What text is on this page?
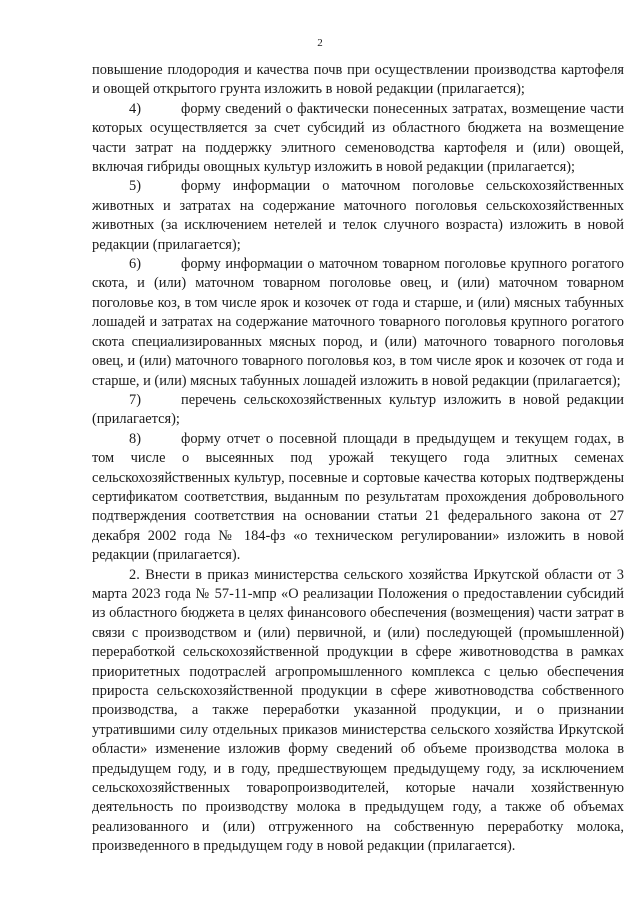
2

повышение плодородия и качества почв при осуществлении производства картофеля и овощей открытого грунта изложить в новой редакции (прилагается);

4)	форму сведений о фактически понесенных затратах, возмещение части которых осуществляется за счет субсидий из областного бюджета на возмещение части затрат на поддержку элитного семеноводства картофеля и (или) овощей, включая гибриды овощных культур изложить в новой редакции (прилагается);

5)	форму информации о маточном поголовье сельскохозяйственных животных и затратах на содержание маточного поголовья сельскохозяйственных животных (за исключением нетелей и телок случного возраста) изложить в новой редакции (прилагается);

6)	форму информации о маточном товарном поголовье крупного рогатого скота, и (или) маточном товарном поголовье овец, и (или) маточном товарном поголовье коз, в том числе ярок и козочек от года и старше, и (или) мясных табунных лошадей и затратах на содержание маточного товарного поголовья крупного рогатого скота специализированных мясных пород, и (или) маточного товарного поголовья овец, и (или) маточного товарного поголовья коз, в том числе ярок и козочек от года и старше, и (или) мясных табунных лошадей изложить в новой редакции (прилагается);

7)	перечень сельскохозяйственных культур изложить в новой редакции (прилагается);

8)	форму отчет о посевной площади в предыдущем и текущем годах, в том числе о высеянных под урожай текущего года элитных семенах сельскохозяйственных культур, посевные и сортовые качества которых подтверждены сертификатом соответствия, выданным по результатам прохождения добровольного подтверждения соответствия на основании статьи 21 федерального закона от 27 декабря 2002 года № 184-фз «о техническом регулировании» изложить в новой редакции (прилагается).

2. Внести в приказ министерства сельского хозяйства Иркутской области от 3 марта 2023 года № 57-11-мпр «О реализации Положения о предоставлении субсидий из областного бюджета в целях финансового обеспечения (возмещения) части затрат в связи с производством и (или) первичной, и (или) последующей (промышленной) переработкой сельскохозяйственной продукции в сфере животноводства в рамках приоритетных подотраслей агропромышленного комплекса с целью обеспечения прироста сельскохозяйственной продукции в сфере животноводства собственного производства, а также переработки указанной продукции, и о признании утратившими силу отдельных приказов министерства сельского хозяйства Иркутской области» изменение изложив форму сведений об объеме производства молока в предыдущем году, и в году, предшествующем предыдущему году, за исключением сельскохозяйственных товаропроизводителей, которые начали хозяйственную деятельность по производству молока в предыдущем году, а также об объемах реализованного и (или) отгруженного на собственную переработку молока, произведенного в предыдущем году в новой редакции (прилагается).
